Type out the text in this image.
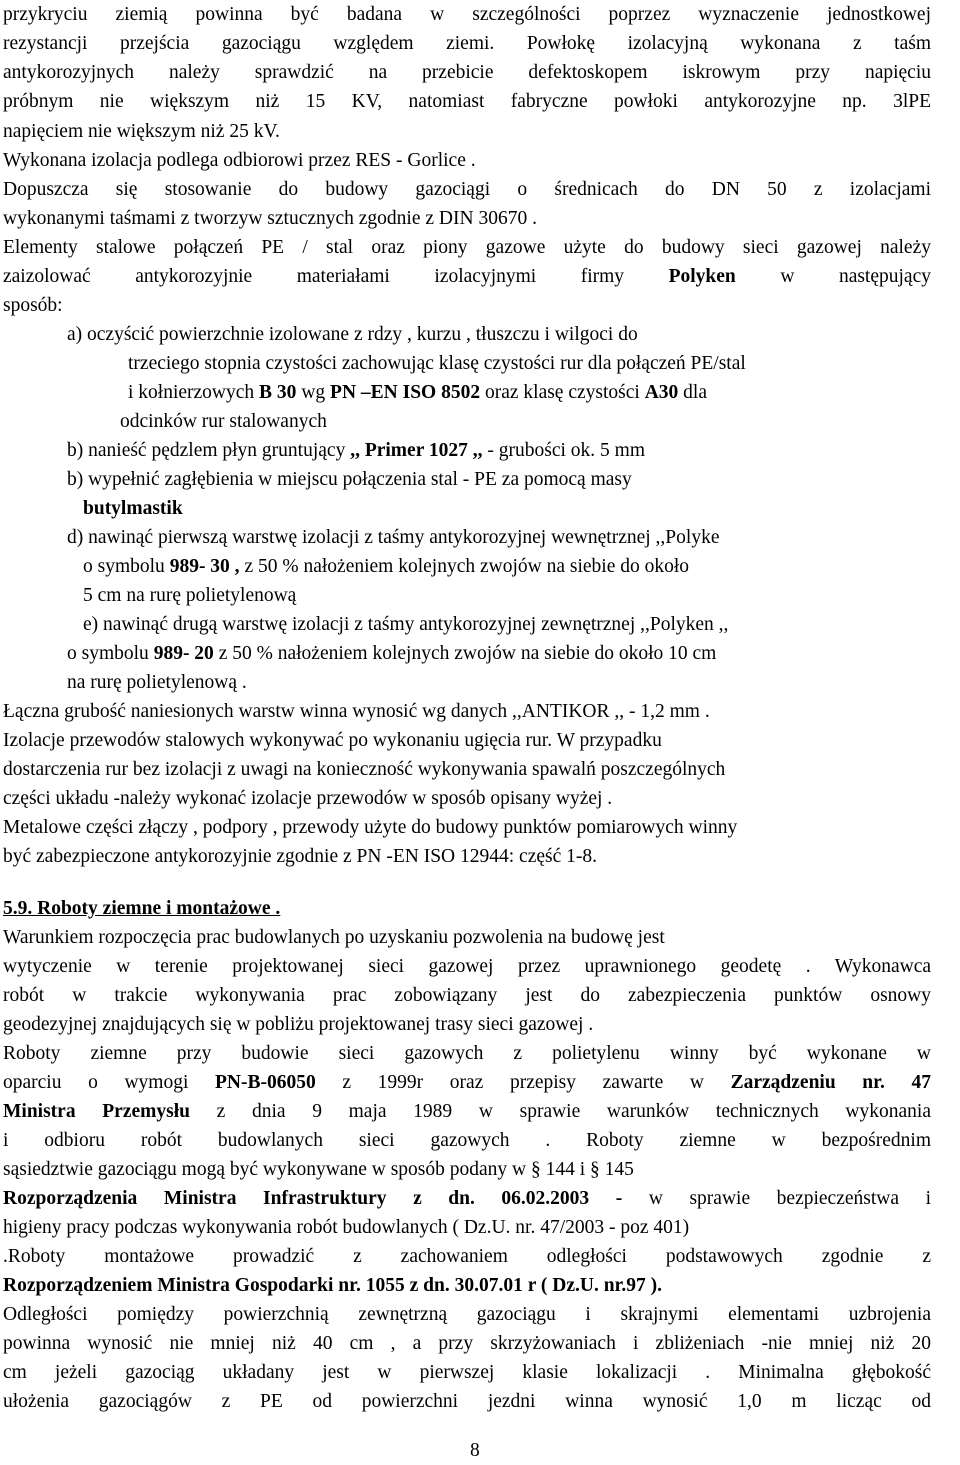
przykryciu ziemią powinna być badana w szczególności poprzez wyznaczenie jednostkowej
rezystancji przejścia gazociągu względem ziemi. Powłokę izolacyjną wykonana z taśm
antykorozyjnych należy sprawdzić na przebicie defektoskopem iskrowym przy napięciu
próbnym nie większym niż 15 KV, natomiast fabryczne powłoki antykorozyjne np. 3lPE
napięciem nie większym niż 25 kV.
Wykonana izolacja podlega odbiorowi przez RES - Gorlice .
Dopuszcza się stosowanie do budowy gazociągi o średnicach do DN 50 z izolacjami
wykonanymi taśmami z tworzyw sztucznych zgodnie z DIN 30670 .
Elementy stalowe połączeń PE / stal oraz piony gazowe użyte do budowy sieci gazowej należy
zaizolować antykorozyjnie materiałami izolacyjnymi firmy Polyken w następujący
sposób:
a) oczyścić powierzchnie izolowane z rdzy , kurzu , tłuszczu i wilgoci do
trzeciego stopnia czystości zachowując klasę czystości rur dla połączeń PE/stal
i kołnierzowych B 30 wg PN –EN ISO 8502 oraz klasę czystości A30 dla
odcinków rur stalowanych
b) nanieść pędzlem płyn gruntujący ,, Primer 1027 ,, - grubości ok. 5 mm
b) wypełnić zagłębienia w miejscu połączenia stal - PE za pomocą masy
butylmastik
d) nawinąć pierwszą warstwę izolacji z taśmy antykorozyjnej wewnętrznej ,,Polyke
o symbolu 989- 30 , z 50 % nałożeniem kolejnych zwojów na siebie do około
5 cm na rurę polietylenową
e) nawinąć drugą warstwę izolacji z taśmy antykorozyjnej zewnętrznej ,,Polyken ,,
o symbolu 989- 20 z 50 % nałożeniem kolejnych zwojów na siebie do około 10 cm
na rurę polietylenową .
Łączna grubość naniesionych warstw winna wynosić wg danych ,,ANTIKOR ,, - 1,2 mm .
Izolacje przewodów stalowych wykonywać po wykonaniu ugięcia rur. W przypadku
dostarczenia rur bez izolacji z uwagi na konieczność wykonywania spawalń poszczególnych
części układu -należy wykonać izolacje przewodów w sposób opisany wyżej .
Metalowe części złączy , podpory , przewody użyte do budowy punktów pomiarowych winny
być zabezpieczone antykorozyjnie zgodnie z PN -EN ISO 12944: część 1-8.
5.9. Roboty ziemne i montażowe .
Warunkiem rozpoczęcia prac budowlanych po uzyskaniu pozwolenia na budowę jest
wytyczenie w terenie projektowanej sieci gazowej przez uprawnionego geodetę . Wykonawca
robót w trakcie wykonywania prac zobowiązany jest do zabezpieczenia punktów osnowy
geodezyjnej znajdujących się w pobliżu projektowanej trasy sieci gazowej .
Roboty ziemne przy budowie sieci gazowych z polietylenu winny być wykonane w
oparciu o wymogi PN-B-06050 z 1999r oraz przepisy zawarte w Zarządzeniu nr. 47
Ministra Przemysłu z dnia 9 maja 1989 w sprawie warunków technicznych wykonania
i odbioru robót budowlanych sieci gazowych . Roboty ziemne w bezpośrednim
sąsiedztwie gazociągu mogą być wykonywane w sposób podany w § 144 i § 145
Rozporządzenia Ministra Infrastruktury z dn. 06.02.2003 - w sprawie bezpieczeństwa i
higieny pracy podczas wykonywania robót budowlanych ( Dz.U. nr. 47/2003 - poz 401)
.Roboty montażowe prowadzić z zachowaniem odległości podstawowych zgodnie z
Rozporządzeniem Ministra Gospodarki nr. 1055 z dn. 30.07.01 r ( Dz.U. nr.97 ).
Odległości pomiędzy powierzchnią zewnętrzną gazociągu i skrajnymi elementami uzbrojenia
powinna wynosić nie mniej niż 40 cm , a przy skrzyżowaniach i zbliżeniach -nie mniej niż 20
cm jeżeli gazociąg układany jest w pierwszej klasie lokalizacji . Minimalna głębokość
ułożenia gazociągów z PE od powierzchni jezdni winna wynosić 1,0 m licząc od
8
